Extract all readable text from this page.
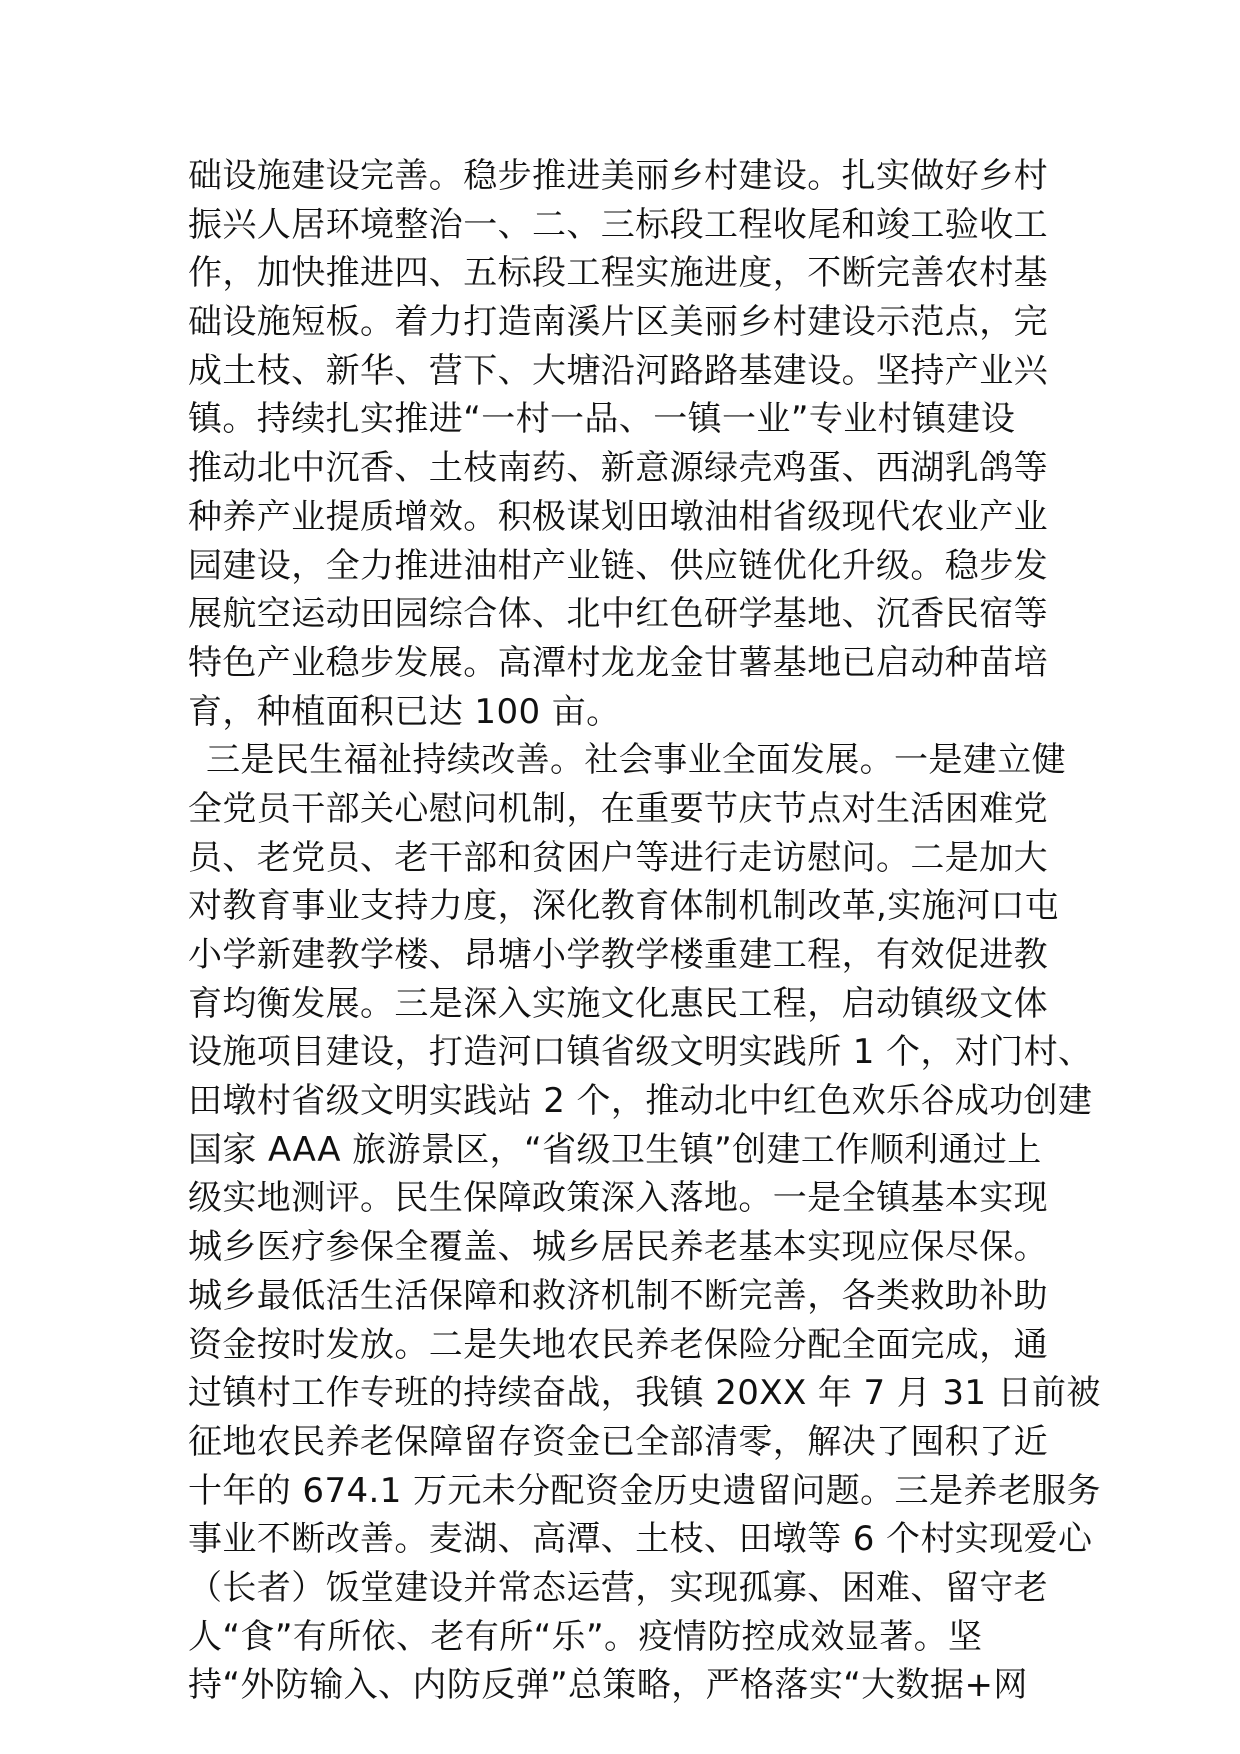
础设施建设完善。稳步推进美丽乡村建设。扎实做好乡村
振兴人居环境整治一、二、三标段工程收尾和竣工验收工
作，加快推进四、五标段工程实施进度，不断完善农村基
础设施短板。着力打造南溪片区美丽乡村建设示范点，完
成土枝、新华、营下、大塘沿河路路基建设。坚持产业兴
镇。持续扎实推进“一村一品、一镇一业”专业村镇建设
推动北中沉香、土枝南药、新意源绿壳鸡蛋、西湖乳鸽等
种养产业提质增效。积极谋划田墩油柑省级现代农业产业
园建设，全力推进油柑产业链、供应链优化升级。稳步发
展航空运动田园综合体、北中红色研学基地、沉香民宿等
特色产业稳步发展。高潭村龙龙金甘薯基地已启动种苗培
育，种植面积已达 100 亩。
三是民生福祉持续改善。社会事业全面发展。一是建立健
全党员干部关心慰问机制，在重要节庆节点对生活困难党
员、老党员、老干部和贫困户等进行走访慰问。二是加大
对教育事业支持力度，深化教育体制机制改革,实施河口屯
小学新建教学楼、昂塘小学教学楼重建工程，有效促进教
育均衡发展。三是深入实施文化惠民工程，启动镇级文体
设施项目建设，打造河口镇省级文明实践所 1 个，对门村、
田墩村省级文明实践站 2 个，推动北中红色欢乐谷成功创建
国家 AAA 旅游景区，“省级卫生镇”创建工作顺利通过上
级实地测评。民生保障政策深入落地。一是全镇基本实现
城乡医疗参保全覆盖、城乡居民养老基本实现应保尽保。
城乡最低活生活保障和救济机制不断完善，各类救助补助
资金按时发放。二是失地农民养老保险分配全面完成，通
过镇村工作专班的持续奋战，我镇 20XX 年 7 月 31 日前被
征地农民养老保障留存资金已全部清零，解决了囤积了近
十年的 674.1 万元未分配资金历史遗留问题。三是养老服务
事业不断改善。麦湖、高潭、土枝、田墩等 6 个村实现爱心
（长者）饭堂建设并常态运营，实现孤寡、困难、留守老
人“食”有所依、老有所“乐”。疫情防控成效显著。坚
持“外防输入、内防反弹”总策略，严格落实“大数据+网
